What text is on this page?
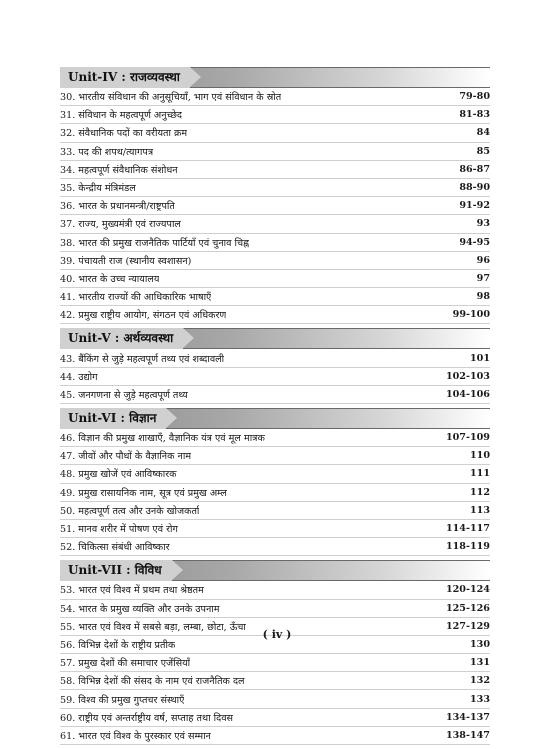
Unit-IV : राजव्यवस्था
30. भारतीय संविधान की अनुसूचियाँ, भाग एवं संविधान के स्रोत	79-80
31. संविधान के महत्वपूर्ण अनुच्छेद	81-83
32. संवैधानिक पदों का वरीयता क्रम	84
33. पद की शपथ/त्यागपत्र	85
34. महत्वपूर्ण संवैधानिक संशोधन	86-87
35. केन्द्रीय मंत्रिमंडल	88-90
36. भारत के प्रधानमन्त्री/राष्ट्रपति	91-92
37. राज्य, मुख्यमंत्री एवं राज्यपाल	93
38. भारत की प्रमुख राजनैतिक पार्टियाँ एवं चुनाव चिह्न	94-95
39. पंचायती राज (स्थानीय स्वशासन)	96
40. भारत के उच्च न्यायालय	97
41. भारतीय राज्यों की आधिकारिक भाषाएँ	98
42. प्रमुख राष्ट्रीय आयोग, संगठन एवं अधिकरण	99-100
Unit-V : अर्थव्यवस्था
43. बैंकिंग से जुड़े महत्वपूर्ण तथ्य एवं शब्दावली	101
44. उद्योग	102-103
45. जनगणना से जुड़े महत्वपूर्ण तथ्य	104-106
Unit-VI : विज्ञान
46. विज्ञान की प्रमुख शाखाएँ, वैज्ञानिक यंत्र एवं मूल मात्रक	107-109
47. जीवों और पौधों के वैज्ञानिक नाम	110
48. प्रमुख खोजें एवं आविष्कारक	111
49. प्रमुख रासायनिक नाम, सूत्र एवं प्रमुख अम्ल	112
50. महत्वपूर्ण तत्व और उनके खोजकर्ता	113
51. मानव शरीर में पोषण एवं रोग	114-117
52. चिकित्सा संबंधी आविष्कार	118-119
Unit-VII : विविध
53. भारत एवं विश्व में प्रथम तथा श्रेष्ठतम	120-124
54. भारत के प्रमुख व्यक्ति और उनके उपनाम	125-126
55. भारत एवं विश्व में सबसे बड़ा, लम्बा, छोटा, ऊँचा	127-129
56. विभिन्न देशों के राष्ट्रीय प्रतीक	130
57. प्रमुख देशों की समाचार एजेंसियाँ	131
58. विभिन्न देशों की संसद के नाम एवं राजनैतिक दल	132
59. विश्व की प्रमुख गुप्तचर संस्थाएँ	133
60. राष्ट्रीय एवं अन्तर्राष्ट्रीय वर्ष, सप्ताह तथा दिवस	134-137
61. भारत एवं विश्व के पुरस्कार एवं सम्मान	138-147
( iv )
